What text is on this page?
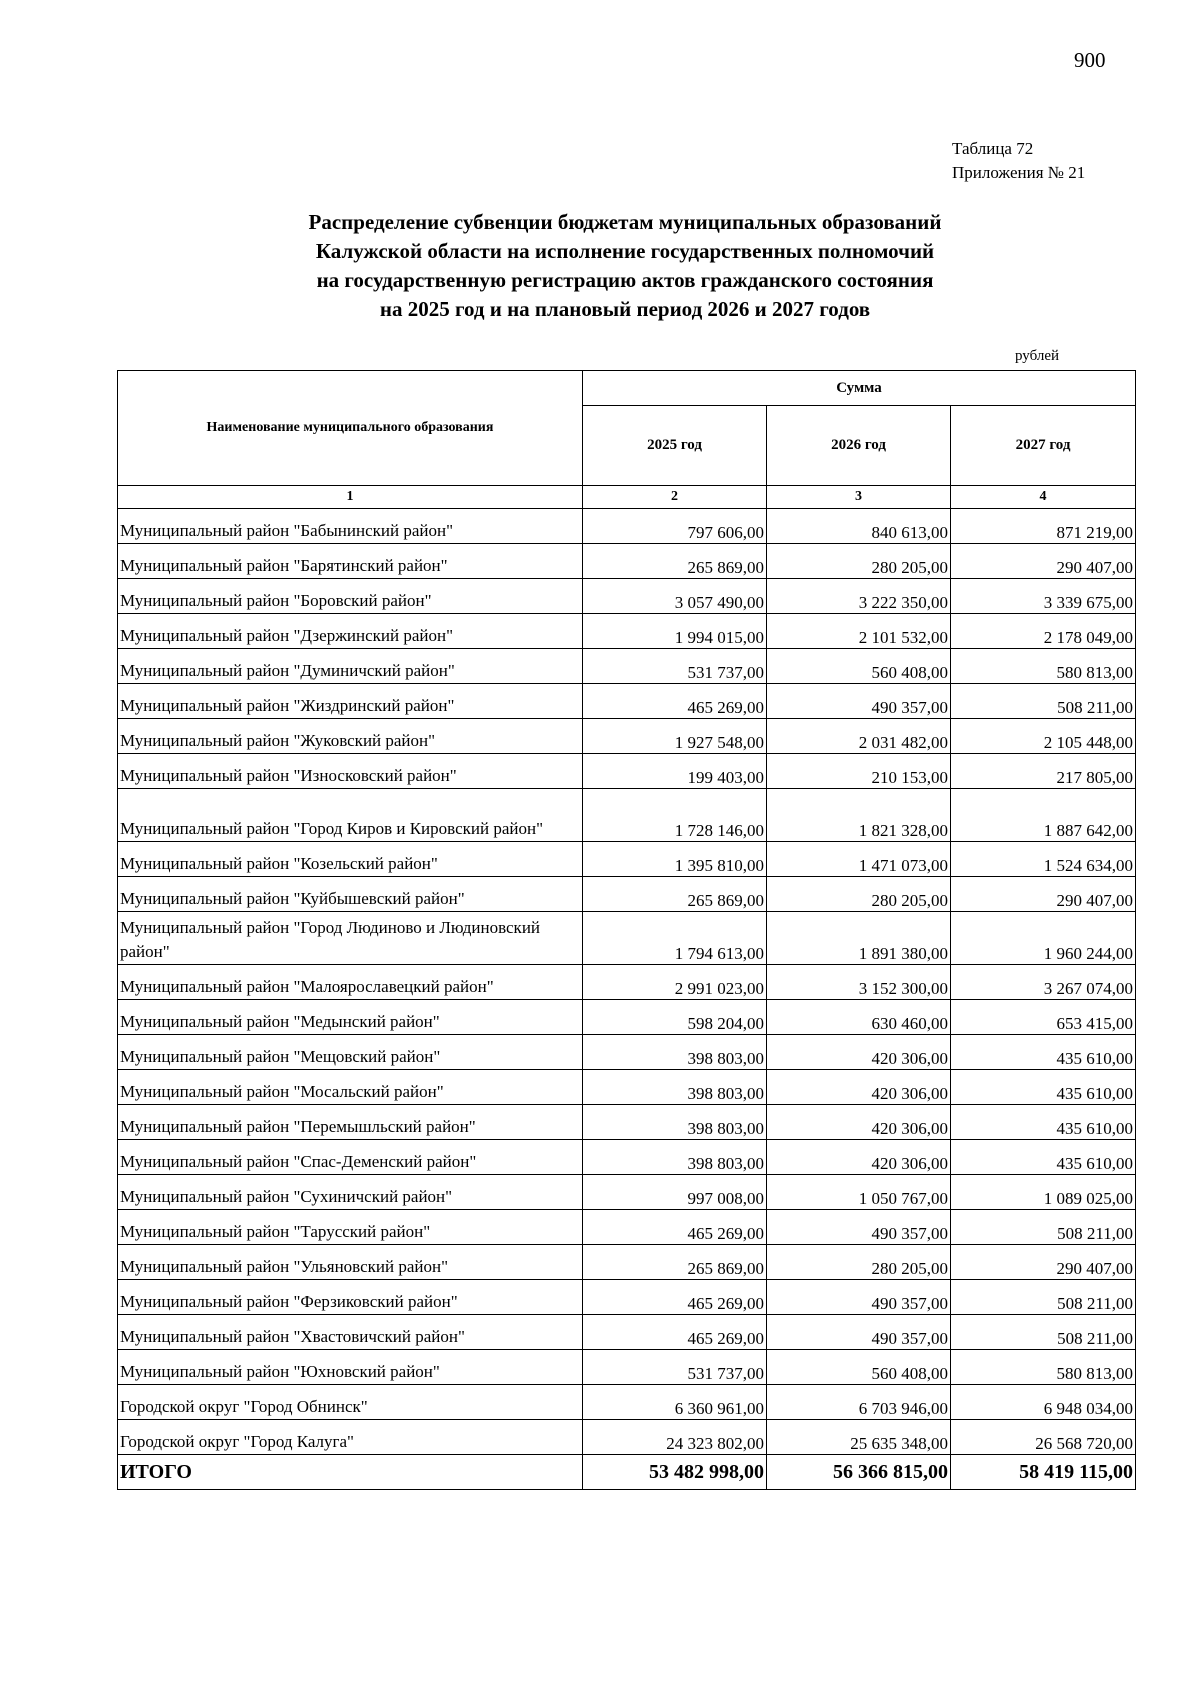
900
Таблица 72
Приложения № 21
Распределение субвенции бюджетам муниципальных образований
Калужской области на исполнение государственных полномочий
на государственную регистрацию актов гражданского состояния
на 2025 год и на плановый период 2026 и 2027 годов
рублей
Наименование муниципального образования	Сумма		
	2025 год	2026 год	2027 год
1	2	3	4
Муниципальный район "Бабынинский район"	797 606,00	840 613,00	871 219,00
Муниципальный район "Барятинский район"	265 869,00	280 205,00	290 407,00
Муниципальный район "Боровский район"	3 057 490,00	3 222 350,00	3 339 675,00
Муниципальный район "Дзержинский район"	1 994 015,00	2 101 532,00	2 178 049,00
Муниципальный район "Думиничский район"	531 737,00	560 408,00	580 813,00
Муниципальный район "Жиздринский район"	465 269,00	490 357,00	508 211,00
Муниципальный район "Жуковский район"	1 927 548,00	2 031 482,00	2 105 448,00
Муниципальный район "Износковский район"	199 403,00	210 153,00	217 805,00
Муниципальный район "Город Киров и Кировский район"	1 728 146,00	1 821 328,00	1 887 642,00
Муниципальный район "Козельский район"	1 395 810,00	1 471 073,00	1 524 634,00
Муниципальный район "Куйбышевский район"	265 869,00	280 205,00	290 407,00
Муниципальный район "Город Людиново и Людиновский район"	1 794 613,00	1 891 380,00	1 960 244,00
Муниципальный район "Малоярославецкий район"	2 991 023,00	3 152 300,00	3 267 074,00
Муниципальный район "Медынский район"	598 204,00	630 460,00	653 415,00
Муниципальный район "Мещовский район"	398 803,00	420 306,00	435 610,00
Муниципальный район "Мосальский район"	398 803,00	420 306,00	435 610,00
Муниципальный район "Перемышльский район"	398 803,00	420 306,00	435 610,00
Муниципальный район "Спас-Деменский район"	398 803,00	420 306,00	435 610,00
Муниципальный район "Сухиничский район"	997 008,00	1 050 767,00	1 089 025,00
Муниципальный район "Тарусский район"	465 269,00	490 357,00	508 211,00
Муниципальный район "Ульяновский район"	265 869,00	280 205,00	290 407,00
Муниципальный район "Ферзиковский район"	465 269,00	490 357,00	508 211,00
Муниципальный район "Хвастовичский район"	465 269,00	490 357,00	508 211,00
Муниципальный район "Юхновский район"	531 737,00	560 408,00	580 813,00
Городской округ "Город Обнинск"	6 360 961,00	6 703 946,00	6 948 034,00
Городской округ "Город Калуга"	24 323 802,00	25 635 348,00	26 568 720,00
ИТОГО	53 482 998,00	56 366 815,00	58 419 115,00
